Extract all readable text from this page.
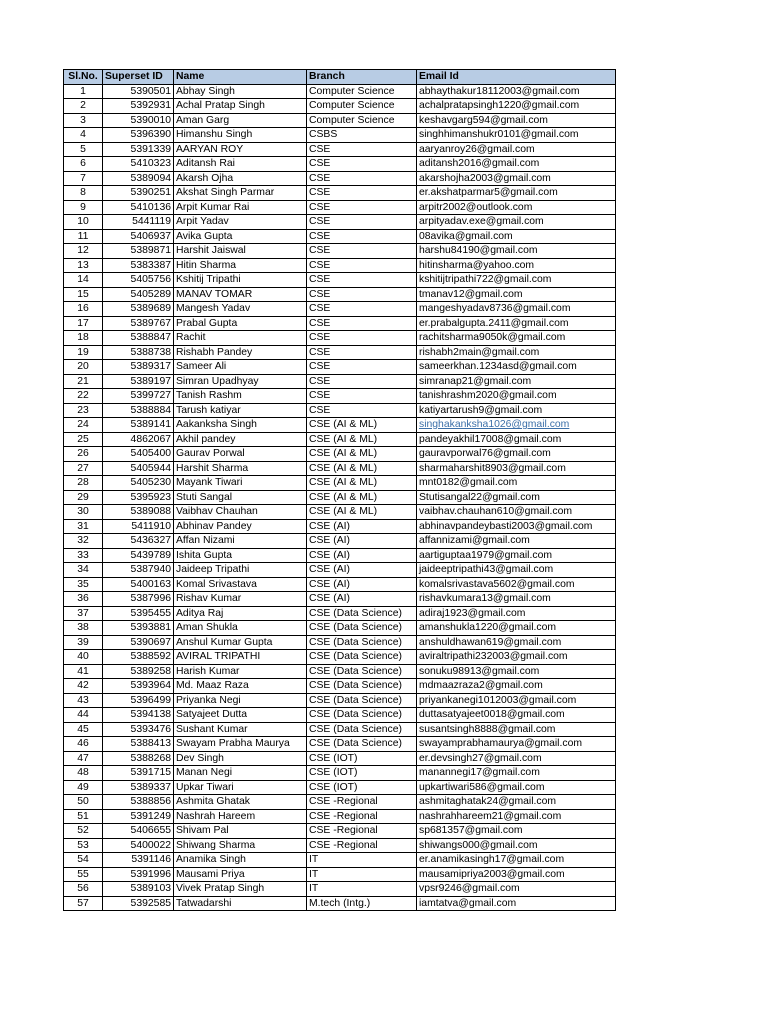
Sl.No.	Superset ID	Name	Branch	Email Id
1	5390501	Abhay Singh	Computer Science	abhaythakur18112003@gmail.com
2	5392931	Achal Pratap Singh	Computer Science	achalpratapsingh1220@gmail.com
3	5390010	Aman Garg	Computer Science	keshavgarg594@gmail.com
4	5396390	Himanshu Singh	CSBS	singhhimanshukr0101@gmail.com
5	5391339	AARYAN ROY	CSE	aaryanroy26@gmail.com
6	5410323	Aditansh Rai	CSE	aditansh2016@gmail.com
7	5389094	Akarsh Ojha	CSE	akarshojha2003@gmail.com
8	5390251	Akshat Singh Parmar	CSE	er.akshatparmar5@gmail.com
9	5410136	Arpit Kumar Rai	CSE	arpitr2002@outlook.com
10	5441119	Arpit Yadav	CSE	arpityadav.exe@gmail.com
11	5406937	Avika Gupta	CSE	08avika@gmail.com
12	5389871	Harshit Jaiswal	CSE	harshu84190@gmail.com
13	5383387	Hitin Sharma	CSE	hitinsharma@yahoo.com
14	5405756	Kshitij Tripathi	CSE	kshitijtripathi722@gmail.com
15	5405289	MANAV TOMAR	CSE	tmanav12@gmail.com
16	5389689	Mangesh Yadav	CSE	mangeshyadav8736@gmail.com
17	5389767	Prabal Gupta	CSE	er.prabalgupta.2411@gmail.com
18	5388847	Rachit	CSE	rachitsharma9050k@gmail.com
19	5388738	Rishabh Pandey	CSE	rishabh2main@gmail.com
20	5389317	Sameer Ali	CSE	sameerkhan.1234asd@gmail.com
21	5389197	Simran Upadhyay	CSE	simranap21@gmail.com
22	5399727	Tanish Rashm	CSE	tanishrashm2020@gmail.com
23	5388884	Tarush katiyar	CSE	katiyartarush9@gmail.com
24	5389141	Aakanksha Singh	CSE (AI & ML)	singhakanksha1026@gmail.com
25	4862067	Akhil pandey	CSE (AI & ML)	pandeyakhil17008@gmail.com
26	5405400	Gaurav Porwal	CSE (AI & ML)	gauravporwal76@gmail.com
27	5405944	Harshit Sharma	CSE (AI & ML)	sharmaharshit8903@gmail.com
28	5405230	Mayank Tiwari	CSE (AI & ML)	mnt0182@gmail.com
29	5395923	Stuti Sangal	CSE (AI & ML)	Stutisangal22@gmail.com
30	5389088	Vaibhav Chauhan	CSE (AI & ML)	vaibhav.chauhan610@gmail.com
31	5411910	Abhinav Pandey	CSE (AI)	abhinavpandeybasti2003@gmail.com
32	5436327	Affan Nizami	CSE (AI)	affannizami@gmail.com
33	5439789	Ishita Gupta	CSE (AI)	aartiguptaa1979@gmail.com
34	5387940	Jaideep Tripathi	CSE (AI)	jaideeptripathi43@gmail.com
35	5400163	Komal Srivastava	CSE (AI)	komalsrivastava5602@gmail.com
36	5387996	Rishav Kumar	CSE (AI)	rishavkumara13@gmail.com
37	5395455	Aditya Raj	CSE (Data Science)	adiraj1923@gmail.com
38	5393881	Aman Shukla	CSE (Data Science)	amanshukla1220@gmail.com
39	5390697	Anshul Kumar Gupta	CSE (Data Science)	anshuldhawan619@gmail.com
40	5388592	AVIRAL TRIPATHI	CSE (Data Science)	aviraltripathi232003@gmail.com
41	5389258	Harish Kumar	CSE (Data Science)	sonuku98913@gmail.com
42	5393964	Md. Maaz Raza	CSE (Data Science)	mdmaazraza2@gmail.com
43	5396499	Priyanka Negi	CSE (Data Science)	priyankanegi1012003@gmail.com
44	5394138	Satyajeet Dutta	CSE (Data Science)	duttasatyajeet0018@gmail.com
45	5393476	Sushant Kumar	CSE (Data Science)	susantsingh8888@gmail.com
46	5388413	Swayam Prabha Maurya	CSE (Data Science)	swayamprabhamaurya@gmail.com
47	5388268	Dev Singh	CSE (IOT)	er.devsingh27@gmail.com
48	5391715	Manan Negi	CSE (IOT)	manannegi17@gmail.com
49	5389337	Upkar Tiwari	CSE (IOT)	upkartiwari586@gmail.com
50	5388856	Ashmita Ghatak	CSE -Regional	ashmitaghatak24@gmail.com
51	5391249	Nashrah Hareem	CSE -Regional	nashrahhareem21@gmail.com
52	5406655	Shivam Pal	CSE -Regional	sp681357@gmail.com
53	5400022	Shiwang Sharma	CSE -Regional	shiwangs000@gmail.com
54	5391146	Anamika Singh	IT	er.anamikasingh17@gmail.com
55	5391996	Mausami Priya	IT	mausamipriya2003@gmail.com
56	5389103	Vivek Pratap Singh	IT	vpsr9246@gmail.com
57	5392585	Tatwadarshi	M.tech (Intg.)	iamtatva@gmail.com
